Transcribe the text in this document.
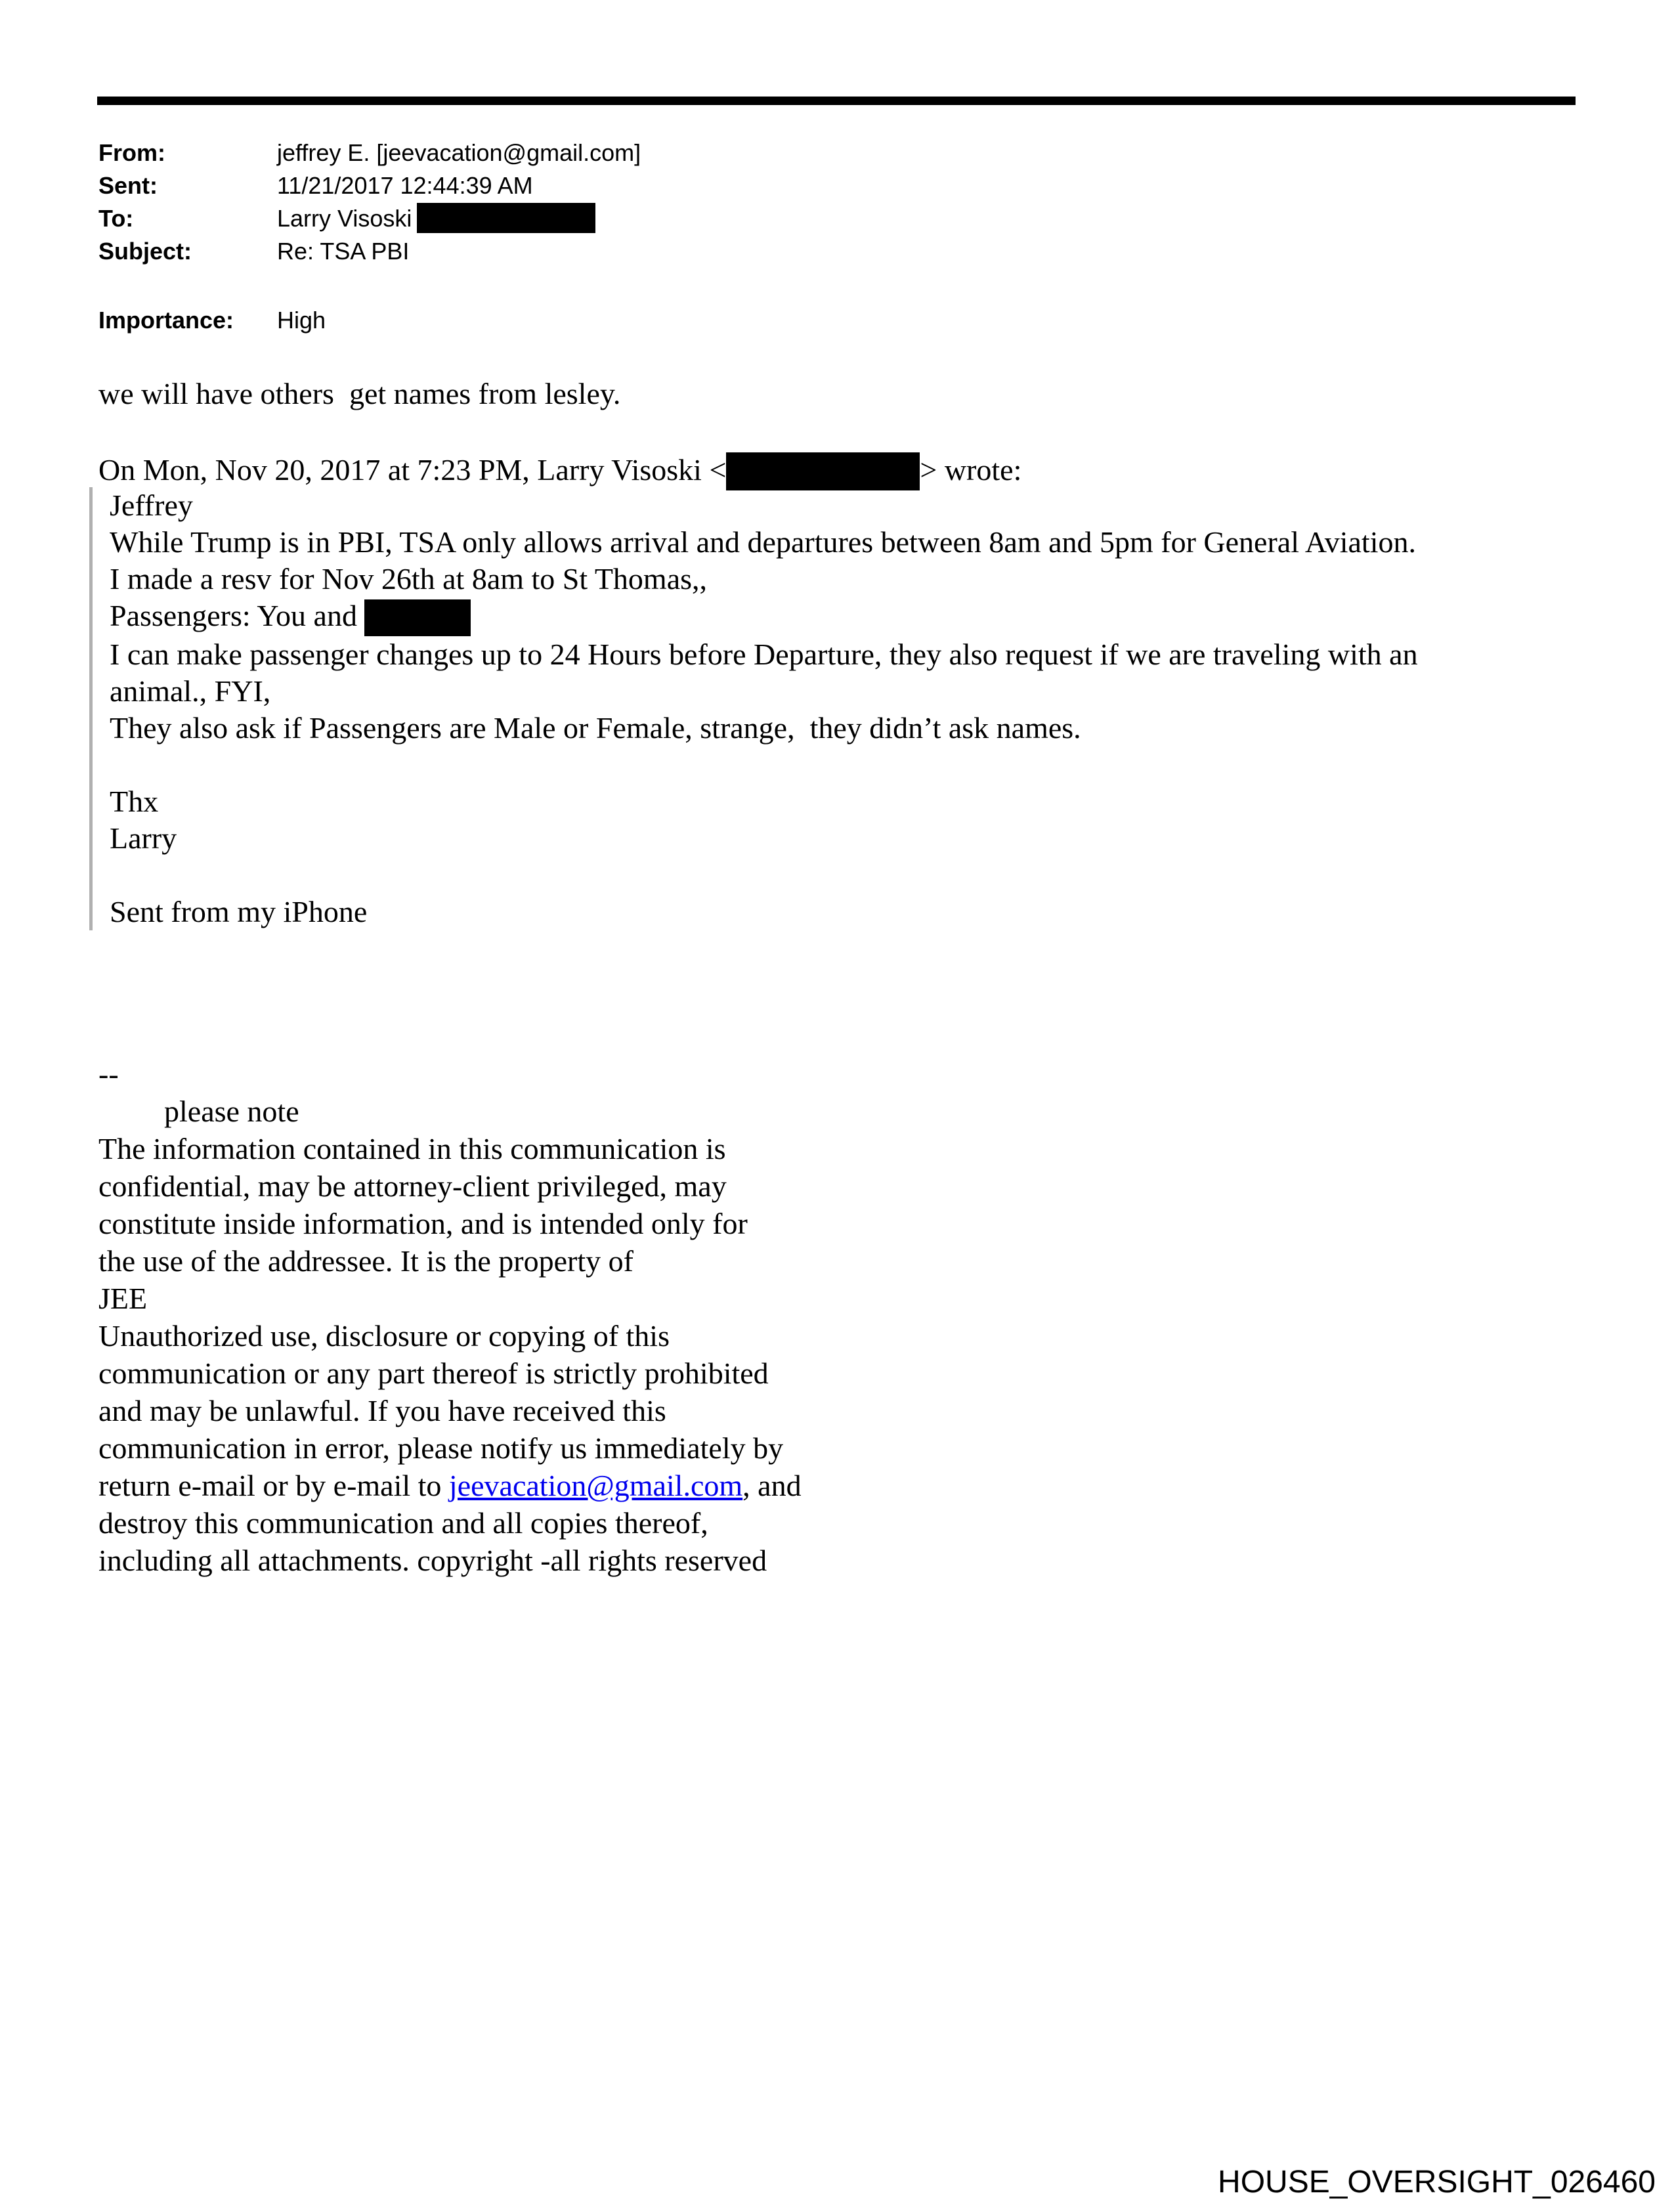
From:	jeffrey E. [jeevacation@gmail.com]
Sent:	11/21/2017 12:44:39 AM
To:	Larry Visoski
Subject:	Re: TSA PBI
Importance:	High
we will have others  get names from lesley.
On Mon, Nov 20, 2017 at 7:23 PM, Larry Visoski <	> wrote:
Jeffrey
While Trump is in PBI, TSA only allows arrival and departures between 8am and 5pm for General Aviation.
I made a resv for Nov 26th at 8am to St Thomas,,
Passengers: You and
I can make passenger changes up to 24 Hours before Departure, they also request if we are traveling with an
animal., FYI,
They also ask if Passengers are Male or Female, strange,  they didn’t ask names.
Thx
Larry
Sent from my iPhone
--
please note
The information contained in this communication is
confidential, may be attorney-client privileged, may
constitute inside information, and is intended only for
the use of the addressee. It is the property of
JEE
Unauthorized use, disclosure or copying of this
communication or any part thereof is strictly prohibited
and may be unlawful. If you have received this
communication in error, please notify us immediately by
return e-mail or by e-mail to jeevacation@gmail.com, and
destroy this communication and all copies thereof,
including all attachments. copyright -all rights reserved
HOUSE_OVERSIGHT_026460
